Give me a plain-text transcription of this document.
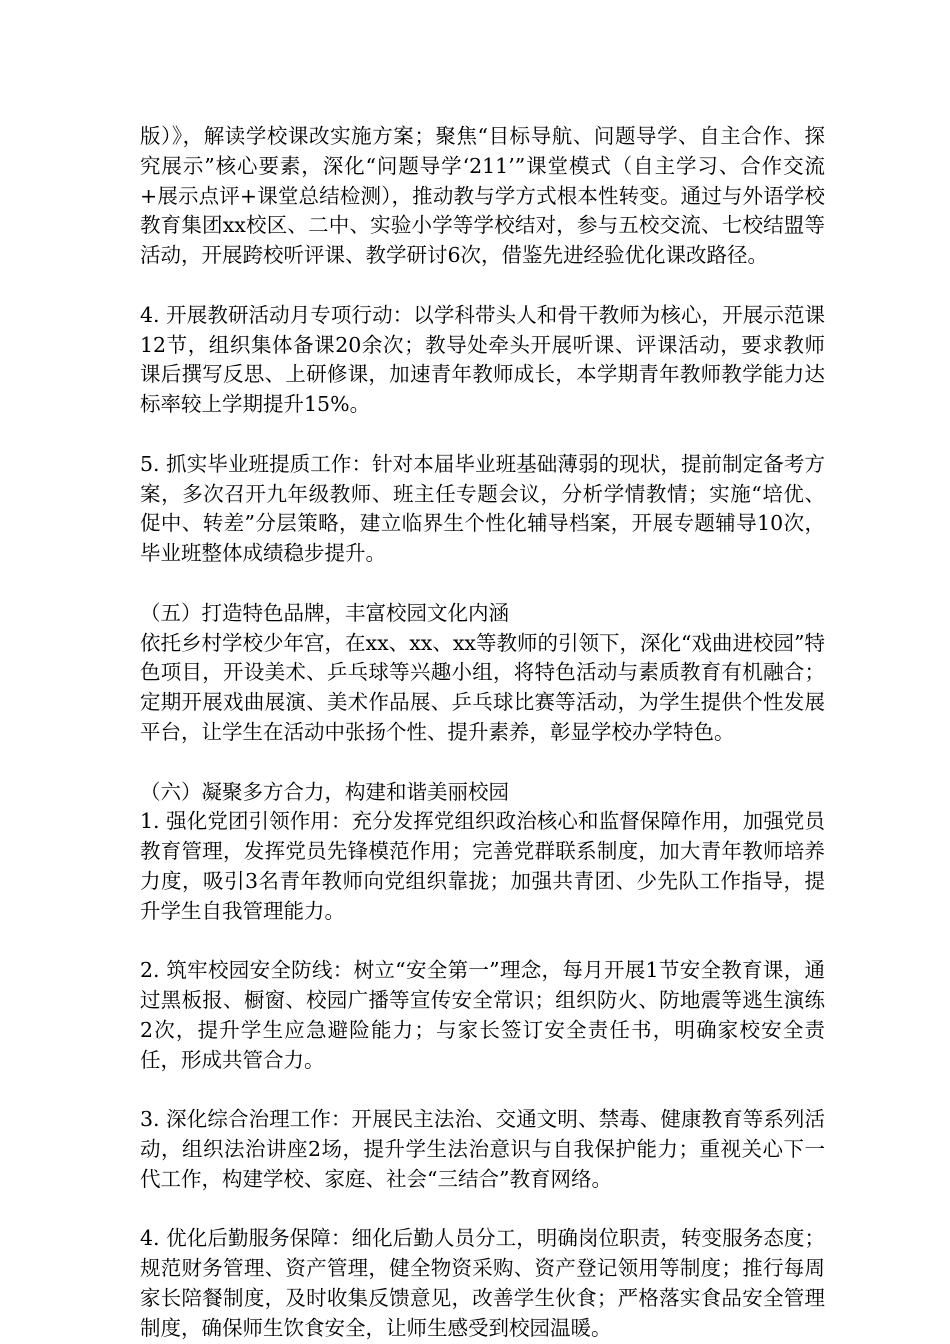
版）》，解读学校课改实施方案；聚焦“目标导航、问题导学、自主合作、探究展示”核心要素，深化“问题导学‘211’”课堂模式（自主学习、合作交流+展示点评+课堂总结检测），推动教与学方式根本性转变。通过与外语学校教育集团xx校区、二中、实验小学等学校结对，参与五校交流、七校结盟等活动，开展跨校听评课、教学研讨6次，借鉴先进经验优化课改路径。

4. 开展教研活动月专项行动：以学科带头人和骨干教师为核心，开展示范课12节，组织集体备课20余次；教导处牵头开展听课、评课活动，要求教师课后撰写反思、上研修课，加速青年教师成长，本学期青年教师教学能力达标率较上学期提升15%。

5. 抓实毕业班提质工作：针对本届毕业班基础薄弱的现状，提前制定备考方案，多次召开九年级教师、班主任专题会议，分析学情教情；实施“培优、促中、转差”分层策略，建立临界生个性化辅导档案，开展专题辅导10次，毕业班整体成绩稳步提升。

（五）打造特色品牌，丰富校园文化内涵

依托乡村学校少年宫，在xx、xx、xx等教师的引领下，深化“戏曲进校园”特色项目，开设美术、乒乓球等兴趣小组，将特色活动与素质教育有机融合；定期开展戏曲展演、美术作品展、乒乓球比赛等活动，为学生提供个性发展平台，让学生在活动中张扬个性、提升素养，彰显学校办学特色。

（六）凝聚多方合力，构建和谐美丽校园

1. 强化党团引领作用：充分发挥党组织政治核心和监督保障作用，加强党员教育管理，发挥党员先锋模范作用；完善党群联系制度，加大青年教师培养力度，吸引3名青年教师向党组织靠拢；加强共青团、少先队工作指导，提升学生自我管理能力。

2. 筑牢校园安全防线：树立“安全第一”理念，每月开展1节安全教育课，通过黑板报、橱窗、校园广播等宣传安全常识；组织防火、防地震等逃生演练2次，提升学生应急避险能力；与家长签订安全责任书，明确家校安全责任，形成共管合力。

3. 深化综合治理工作：开展民主法治、交通文明、禁毒、健康教育等系列活动，组织法治讲座2场，提升学生法治意识与自我保护能力；重视关心下一代工作，构建学校、家庭、社会“三结合”教育网络。

4. 优化后勤服务保障：细化后勤人员分工，明确岗位职责，转变服务态度；规范财务管理、资产管理，健全物资采购、资产登记领用等制度；推行每周家长陪餐制度，及时收集反馈意见，改善学生伙食；严格落实食品安全管理制度，确保师生饮食安全，让师生感受到校园温暖。
